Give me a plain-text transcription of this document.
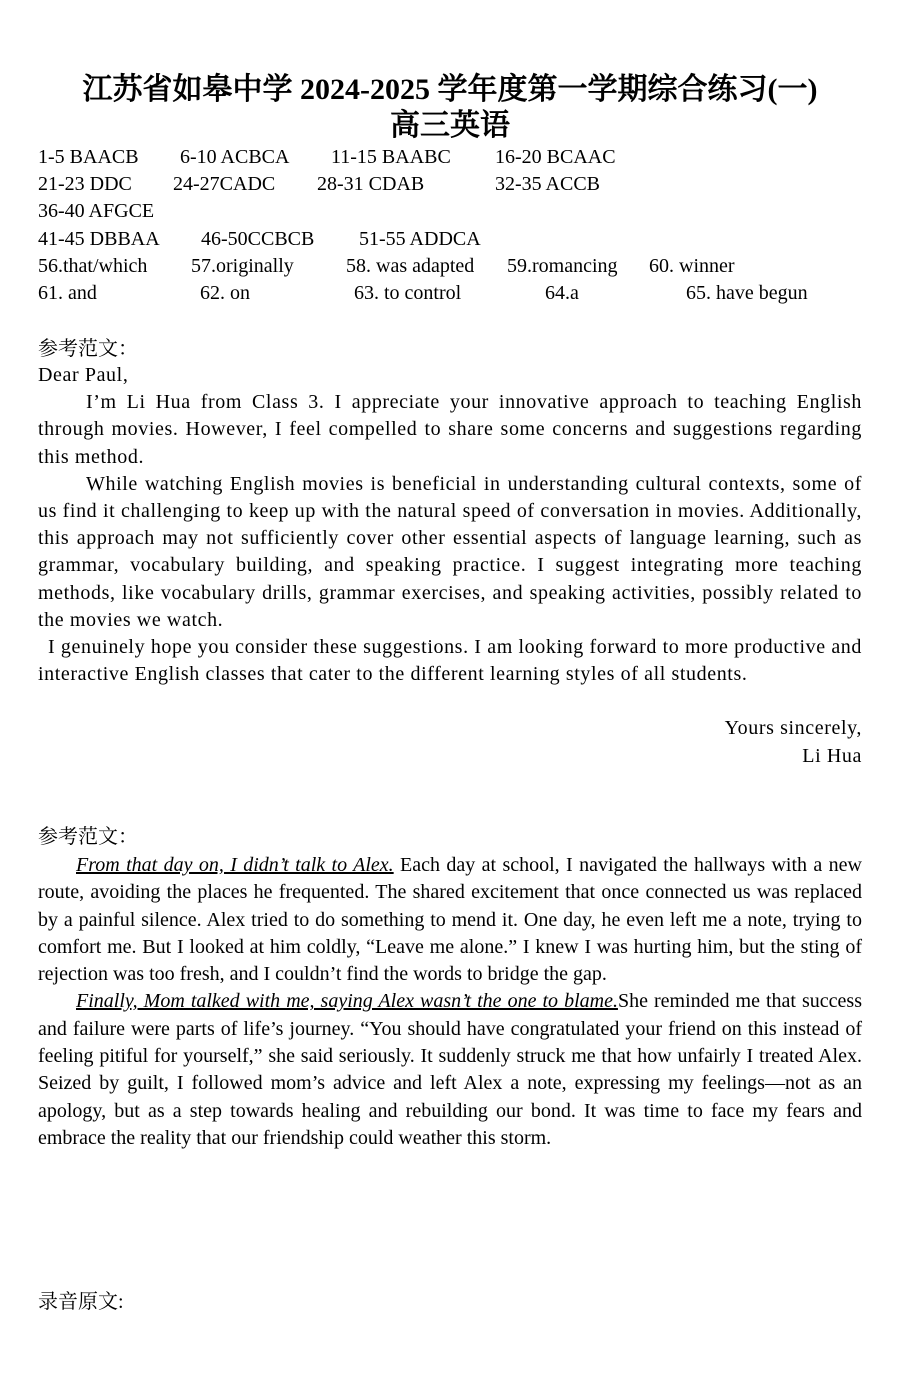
江苏省如皋中学 2024-2025 学年度第一学期综合练习(一)
高三英语
1-5 BAACB 6-10 ACBCA 11-15 BAABC 16-20 BCAAC
21-23 DDC 24-27CADC 28-31 CDAB	32-35 ACCB
36-40 AFGCE
41-45 DBBAA 46-50CCBCB 51-55 ADDCA
56.that/which 57.originally	58. was adapted 59.romancing 60. winner
61. and	62. on	63. to control	64.a	65. have begun
参考范文：

Dear Paul,

I’m Li Hua from Class 3. I appreciate your innovative approach to teaching English through movies. However, I feel compelled to share some concerns and suggestions regarding this method.

While watching English movies is beneficial in understanding cultural contexts, some of us find it challenging to keep up with the natural speed of conversation in movies. Additionally, this approach may not sufficiently cover other essential aspects of language learning, such as grammar, vocabulary building, and speaking practice. I suggest integrating more teaching methods, like vocabulary drills, grammar exercises, and speaking activities, possibly related to the movies we watch.

I genuinely hope you consider these suggestions. I am looking forward to more productive and interactive English classes that cater to the different learning styles of all students.

Yours sincerely,

Li Hua

参考范文：

From that day on, I didn’t talk to Alex. Each day at school, I navigated the hallways with a new route, avoiding the places he frequented. The shared excitement that once connected us was replaced by a painful silence. Alex tried to do something to mend it. One day, he even left me a note, trying to comfort me. But I looked at him coldly, “Leave me alone.” I knew I was hurting him, but the sting of rejection was too fresh, and I couldn’t find the words to bridge the gap.

Finally, Mom talked with me, saying Alex wasn’t the one to blame.She reminded me that success and failure were parts of life’s journey. “You should have congratulated your friend on this instead of feeling pitiful for yourself,” she said seriously. It suddenly struck me that how unfairly I treated Alex. Seized by guilt, I followed mom’s advice and left Alex a note, expressing my feelings—not as an apology, but as a step towards healing and rebuilding our bond. It was time to face my fears and embrace the reality that our friendship could weather this storm.

录音原文:
